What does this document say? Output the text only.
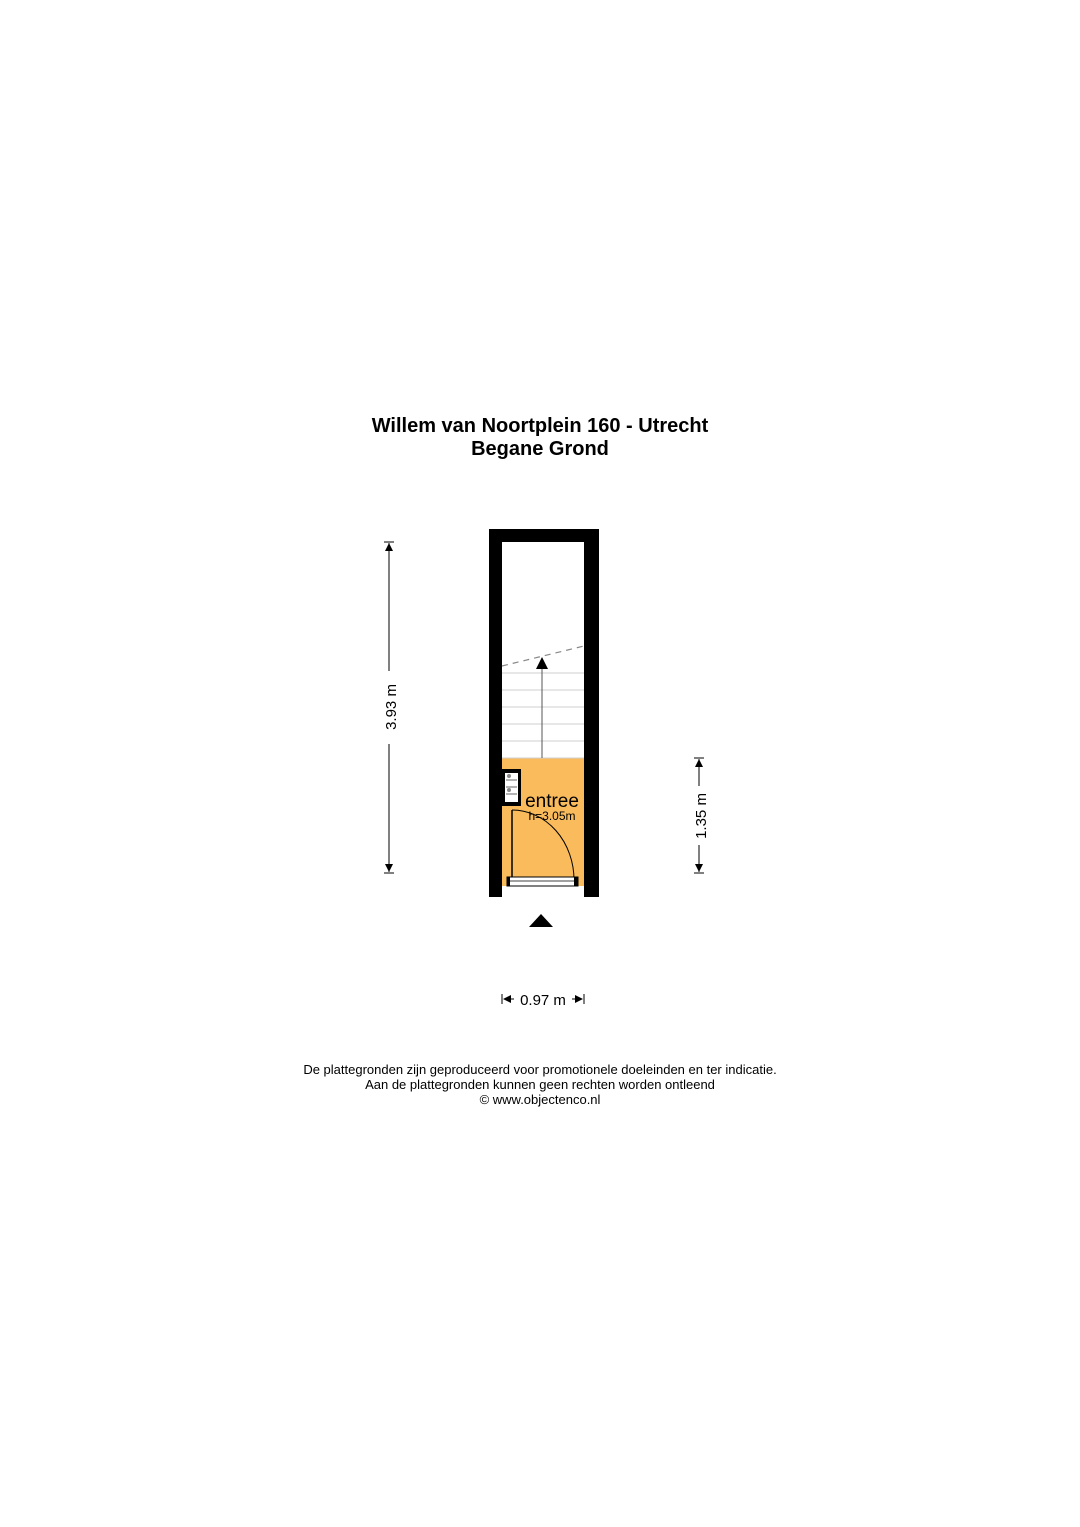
Willem van Noortplein 160 - Utrecht
Begane Grond
entree
h=3.05m
3.93 m
1.35 m
0.97 m
De plattegronden zijn geproduceerd voor promotionele doeleinden en ter indicatie.
Aan de plattegronden kunnen geen rechten worden ontleend
© www.objectenco.nl
